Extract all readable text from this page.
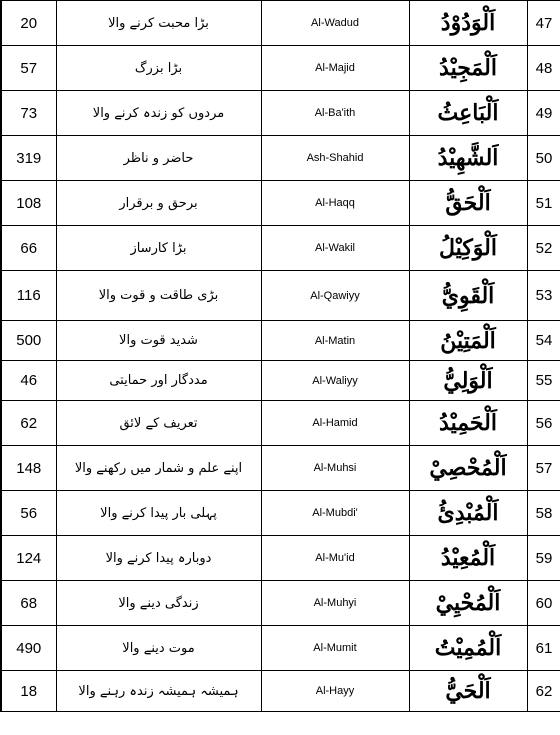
20	بڑا محبت کرنے والا	Al-Wadud	اَلْوَدُوْدُ	47
57	بڑا بزرگ	Al-Majid	اَلْمَجِيْدُ	48
73	مردوں کو زندہ کرنے والا	Al-Ba'ith	اَلْبَاعِثُ	49
319	حاضر و ناظر	Ash-Shahid	اَلشَّهِيْدُ	50
108	برحق و برقرار	Al-Haqq	اَلْحَقُّ	51
66	بڑا کارساز	Al-Wakil	اَلْوَكِيْلُ	52
116	بڑی طاقت و قوت والا	Al-Qawiyy	اَلْقَوِيُّ	53
500	شدید قوت والا	Al-Matin	اَلْمَتِيْنُ	54
46	مددگار اور حمایتی	Al-Waliyy	اَلْوَلِيُّ	55
62	تعریف کے لائق	Al-Hamid	اَلْحَمِيْدُ	56
148	اپنے علم و شمار میں رکھنے والا	Al-Muhsi	اَلْمُحْصِيْ	57
56	پہلی بار پیدا کرنے والا	Al-Mubdi'	اَلْمُبْدِئُ	58
124	دوبارہ پیدا کرنے والا	Al-Mu'id	اَلْمُعِيْدُ	59
68	زندگی دینے والا	Al-Muhyi	اَلْمُحْيِيْ	60
490	موت دینے والا	Al-Mumit	اَلْمُمِيْتُ	61
18	ہمیشہ ہمیشہ زندہ رہنے والا	Al-Hayy	اَلْحَيُّ	62
